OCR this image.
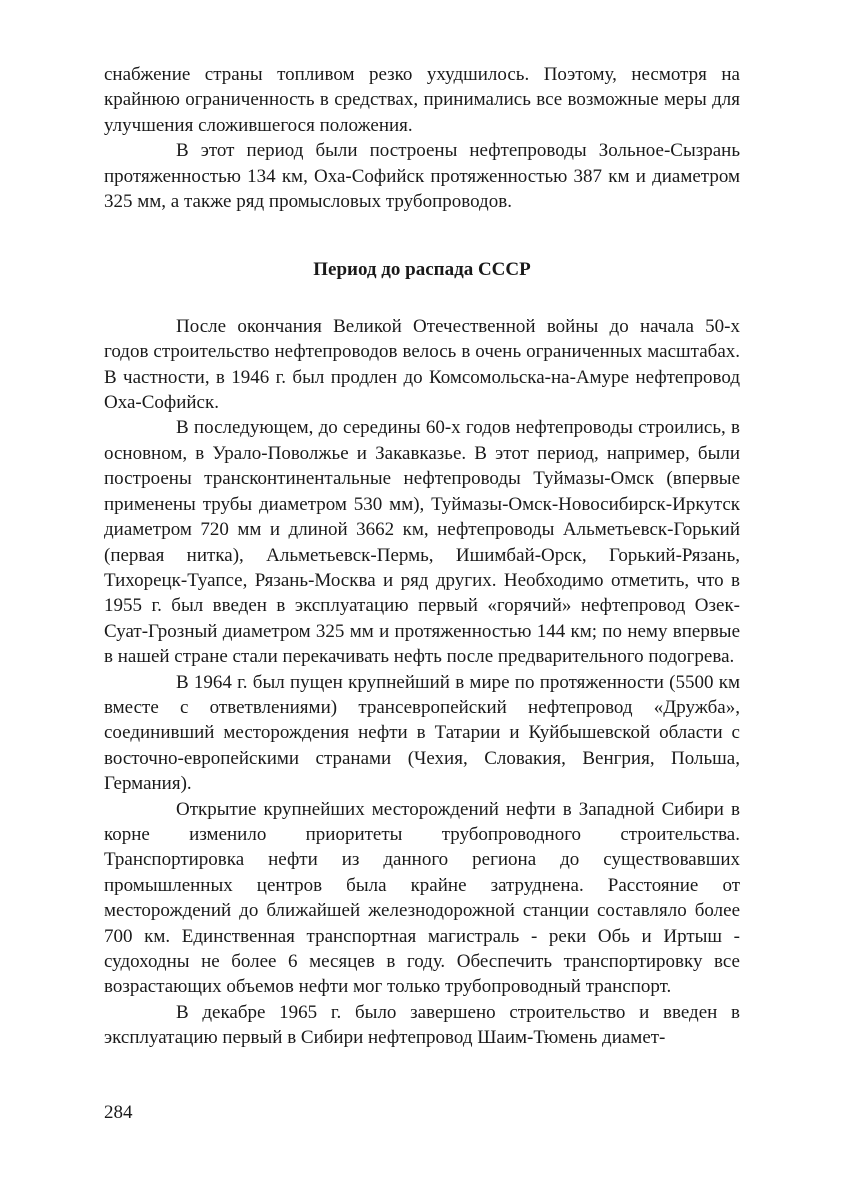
снабжение страны топливом резко ухудшилось. Поэтому, несмотря на крайнюю ограниченность в средствах, принимались все возможные меры для улучшения сложившегося положения.

В этот период были построены нефтепроводы Зольное-Сызрань протяженностью 134 км, Оха-Софийск протяженностью 387 км и диаметром 325 мм, а также ряд промысловых трубопроводов.

Период до распада СССР

После окончания Великой Отечественной войны до начала 50-х годов строительство нефтепроводов велось в очень ограниченных масштабах. В частности, в 1946 г. был продлен до Комсомольска-на-Амуре нефтепровод Оха-Софийск.

В последующем, до середины 60-х годов нефтепроводы строились, в основном, в Урало-Поволжье и Закавказье. В этот период, например, были построены трансконтинентальные нефтепроводы Туймазы-Омск (впервые применены трубы диаметром 530 мм), Туймазы-Омск-Новосибирск-Иркутск диаметром 720 мм и длиной 3662 км, нефтепроводы Альметьевск-Горький (первая нитка), Альметьевск-Пермь, Ишимбай-Орск, Горький-Рязань, Тихорецк-Туапсе, Рязань-Москва и ряд других. Необходимо отметить, что в 1955 г. был введен в эксплуатацию первый «горячий» нефтепровод Озек-Суат-Грозный диаметром 325 мм и протяженностью 144 км; по нему впервые в нашей стране стали перекачивать нефть после предварительного подогрева.

В 1964 г. был пущен крупнейший в мире по протяженности (5500 км вместе с ответвлениями) трансевропейский нефтепровод «Дружба», соединивший месторождения нефти в Татарии и Куйбышевской области с восточно-европейскими странами (Чехия, Словакия, Венгрия, Польша, Германия).

Открытие крупнейших месторождений нефти в Западной Сибири в корне изменило приоритеты трубопроводного строительства. Транспортировка нефти из данного региона до существовавших промышленных центров была крайне затруднена. Расстояние от месторождений до ближайшей железнодорожной станции составляло более 700 км. Единственная транспортная магистраль - реки Обь и Иртыш - судоходны не более 6 месяцев в году. Обеспечить транспортировку все возрастающих объемов нефти мог только трубопроводный транспорт.

В декабре 1965 г. было завершено строительство и введен в эксплуатацию первый в Сибири нефтепровод Шаим-Тюмень диамет-

284
